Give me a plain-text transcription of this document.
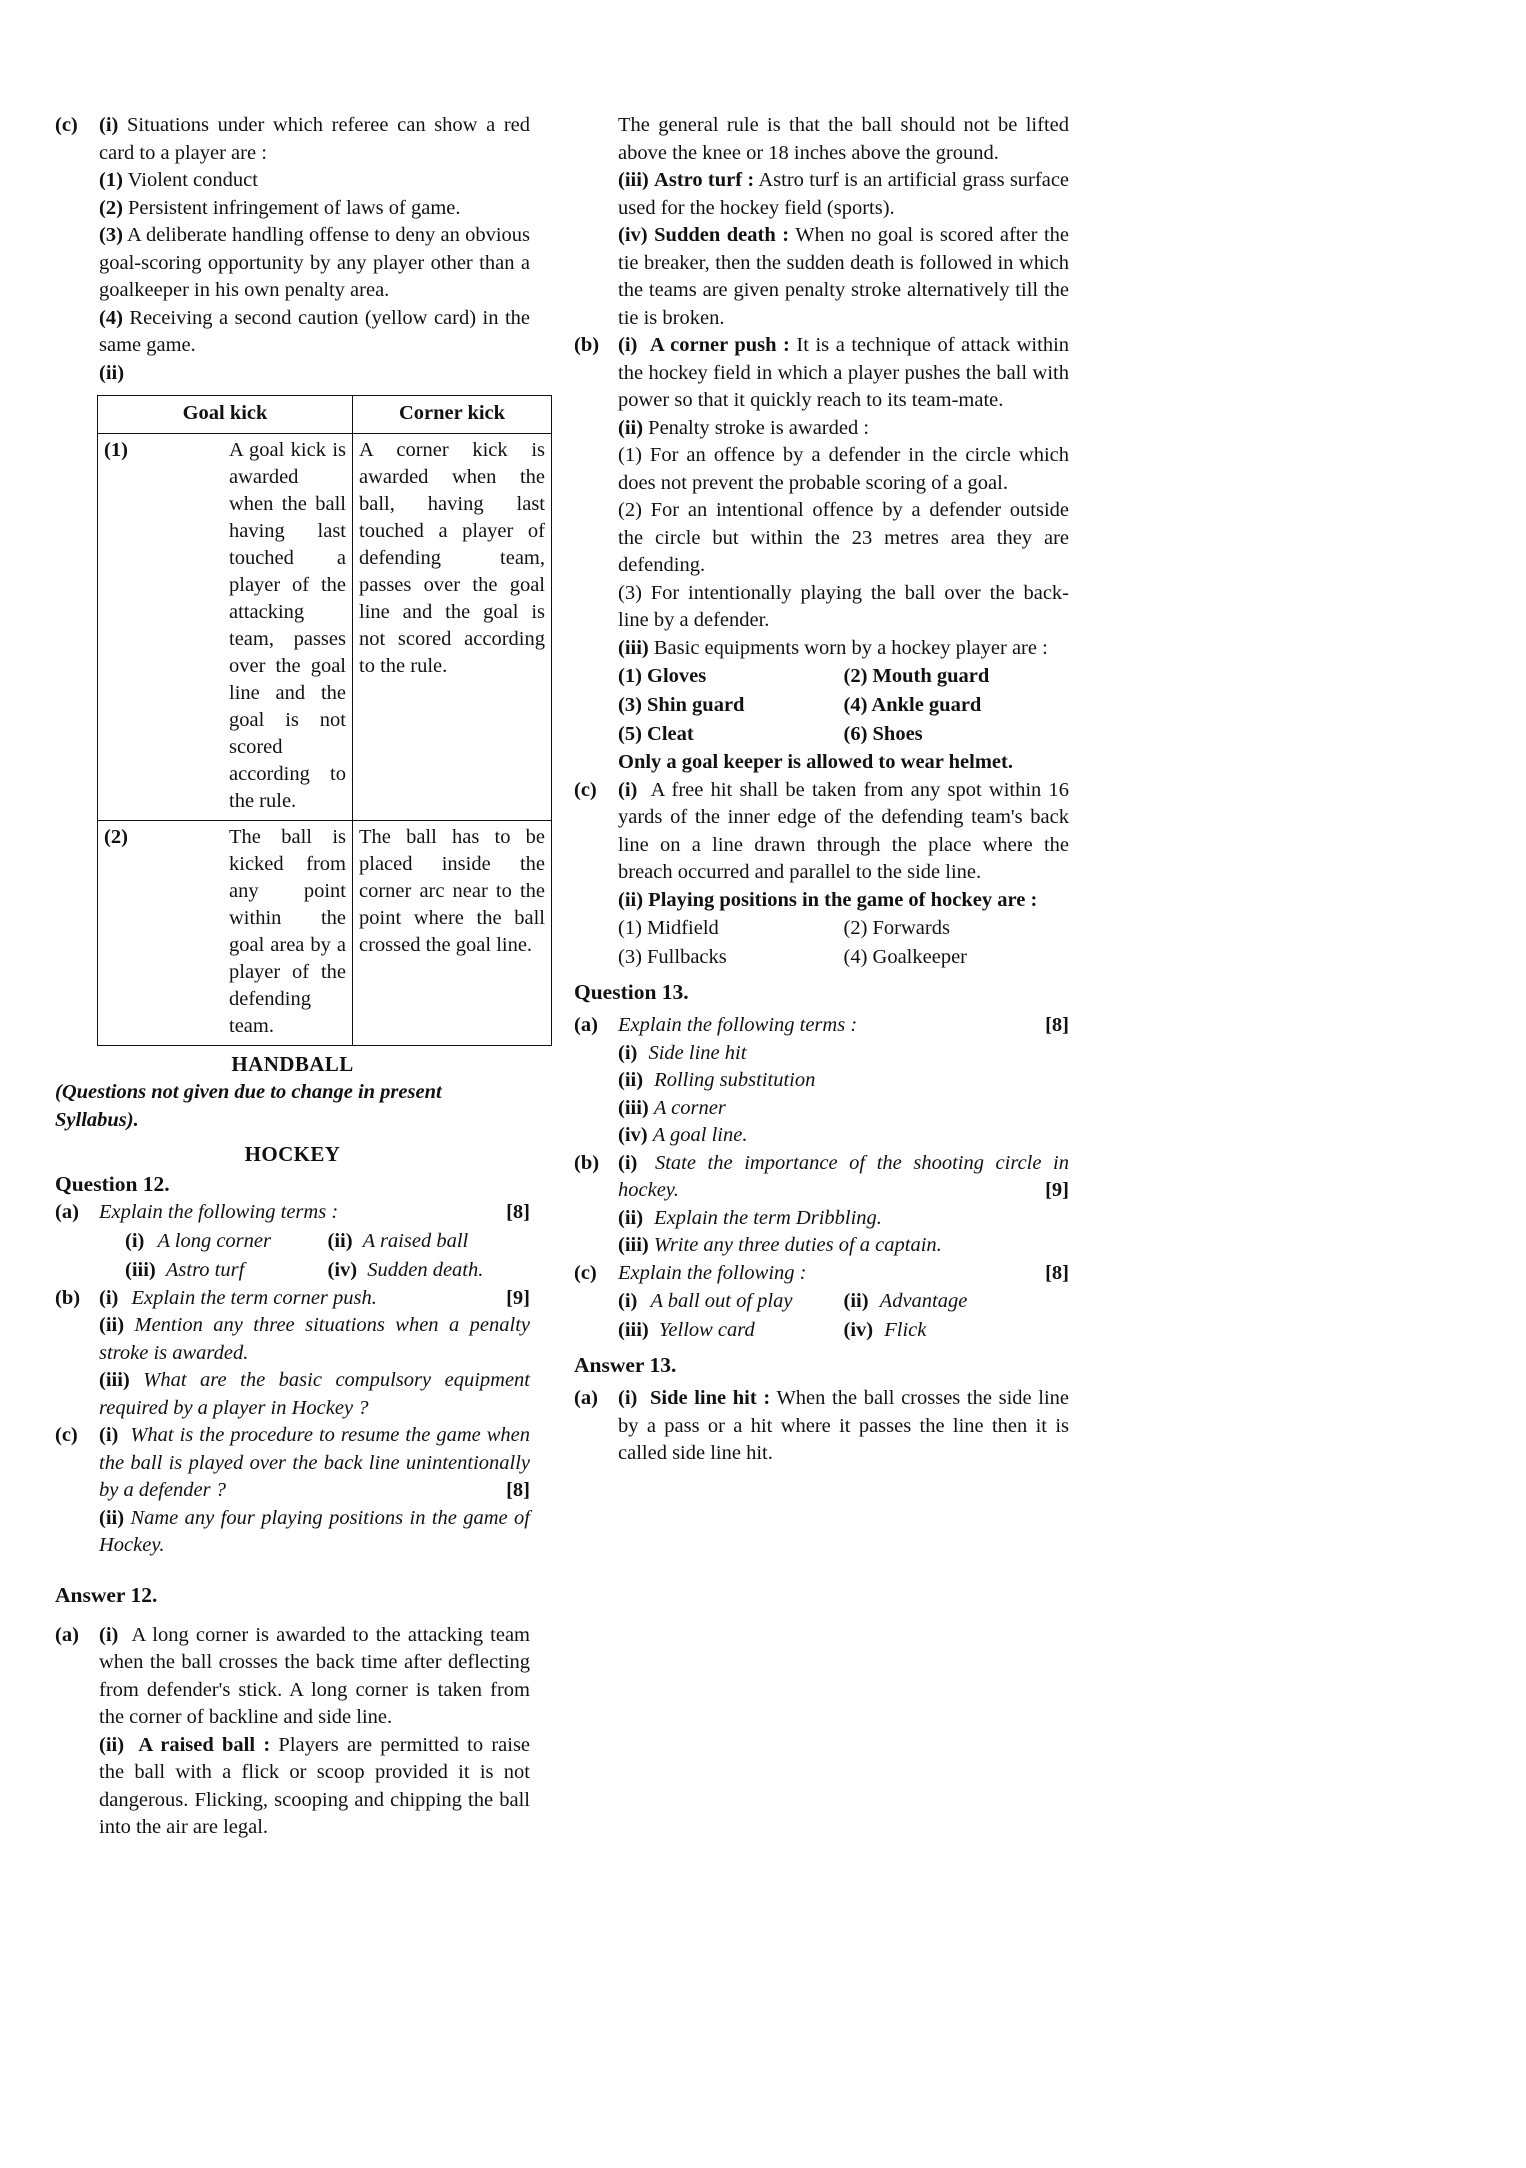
(c)	(i) Situations under which referee can show a red card to a player are :
(1) Violent conduct
(2) Persistent infringement of laws of game.
(3) A deliberate handling offense to deny an obvious goal-scoring opportunity by any player other than a goalkeeper in his own penalty area.
(4) Receiving a second caution (yellow card) in the same game.
(ii)
Goal kick		Corner kick
(1)	A goal kick is awarded when the ball having last touched a player of the attacking team, passes over the goal line and the goal is not scored according to the rule.	A corner kick is awarded when the ball, having last touched a player of defending team, passes over the goal line and the goal is not scored according to the rule.
(2)	The ball is kicked from any point within the goal area by a player of the defending team.	The ball has to be placed inside the corner arc near to the point where the ball crossed the goal line.
HANDBALL
(Questions not given due to change in present Syllabus).
HOCKEY
Question 12.
(a) Explain the following terms :	[8]
(i) A long corner	(ii) A raised ball
(iii) Astro turf	(iv) Sudden death.
(b) (i) Explain the term corner push.	[9]
(ii) Mention any three situations when a penalty stroke is awarded.
(iii) What are the basic compulsory equipment required by a player in Hockey ?
(c)	(i) What is the procedure to resume the game when the ball is played over the back line unintentionally by a defender ?	[8]
(ii) Name any four playing positions in the game of Hockey.
Answer 12.
(a) (i) A long corner is awarded to the attacking team when the ball crosses the back time after deflecting from defender's stick. A long corner is taken from the corner of backline and side line.
(ii) A raised ball : Players are permitted to raise the ball with a flick or scoop provided it is not dangerous. Flicking, scooping and chipping the ball into the air are legal.
The general rule is that the ball should not be lifted above the knee or 18 inches above the ground.
(iii) Astro turf : Astro turf is an artificial grass surface used for the hockey field (sports).
(iv) Sudden death : When no goal is scored after the tie breaker, then the sudden death is followed in which the teams are given penalty stroke alternatively till the tie is broken.
(b) (i) A corner push : It is a technique of attack within the hockey field in which a player pushes the ball with power so that it quickly reach to its team-mate.
(ii) Penalty stroke is awarded :
(1) For an offence by a defender in the circle which does not prevent the probable scoring of a goal.
(2) For an intentional offence by a defender outside the circle but within the 23 metres area they are defending.
(3) For intentionally playing the ball over the back-line by a defender.
(iii) Basic equipments worn by a hockey player are :
(1) Gloves	(2) Mouth guard
(3) Shin guard	(4) Ankle guard
(5) Cleat	(6) Shoes
Only a goal keeper is allowed to wear helmet.
(c)	(i) A free hit shall be taken from any spot within 16 yards of the inner edge of the defending team's back line on a line drawn through the place where the breach occurred and parallel to the side line.
(ii) Playing positions in the game of hockey are :
(1) Midfield	(2) Forwards
(3) Fullbacks	(4) Goalkeeper
Question 13.
(a) Explain the following terms :	[8]
(i) Side line hit
(ii) Rolling substitution
(iii) A corner
(iv) A goal line.
(b) (i) State the importance of the shooting circle in hockey.	[9]
(ii) Explain the term Dribbling.
(iii) Write any three duties of a captain.
(c)	Explain the following :	[8]
(i) A ball out of play	(ii) Advantage
(iii) Yellow card	(iv) Flick
Answer 13.
(a) (i) Side line hit : When the ball crosses the side line by a pass or a hit where it passes the line then it is called side line hit.
